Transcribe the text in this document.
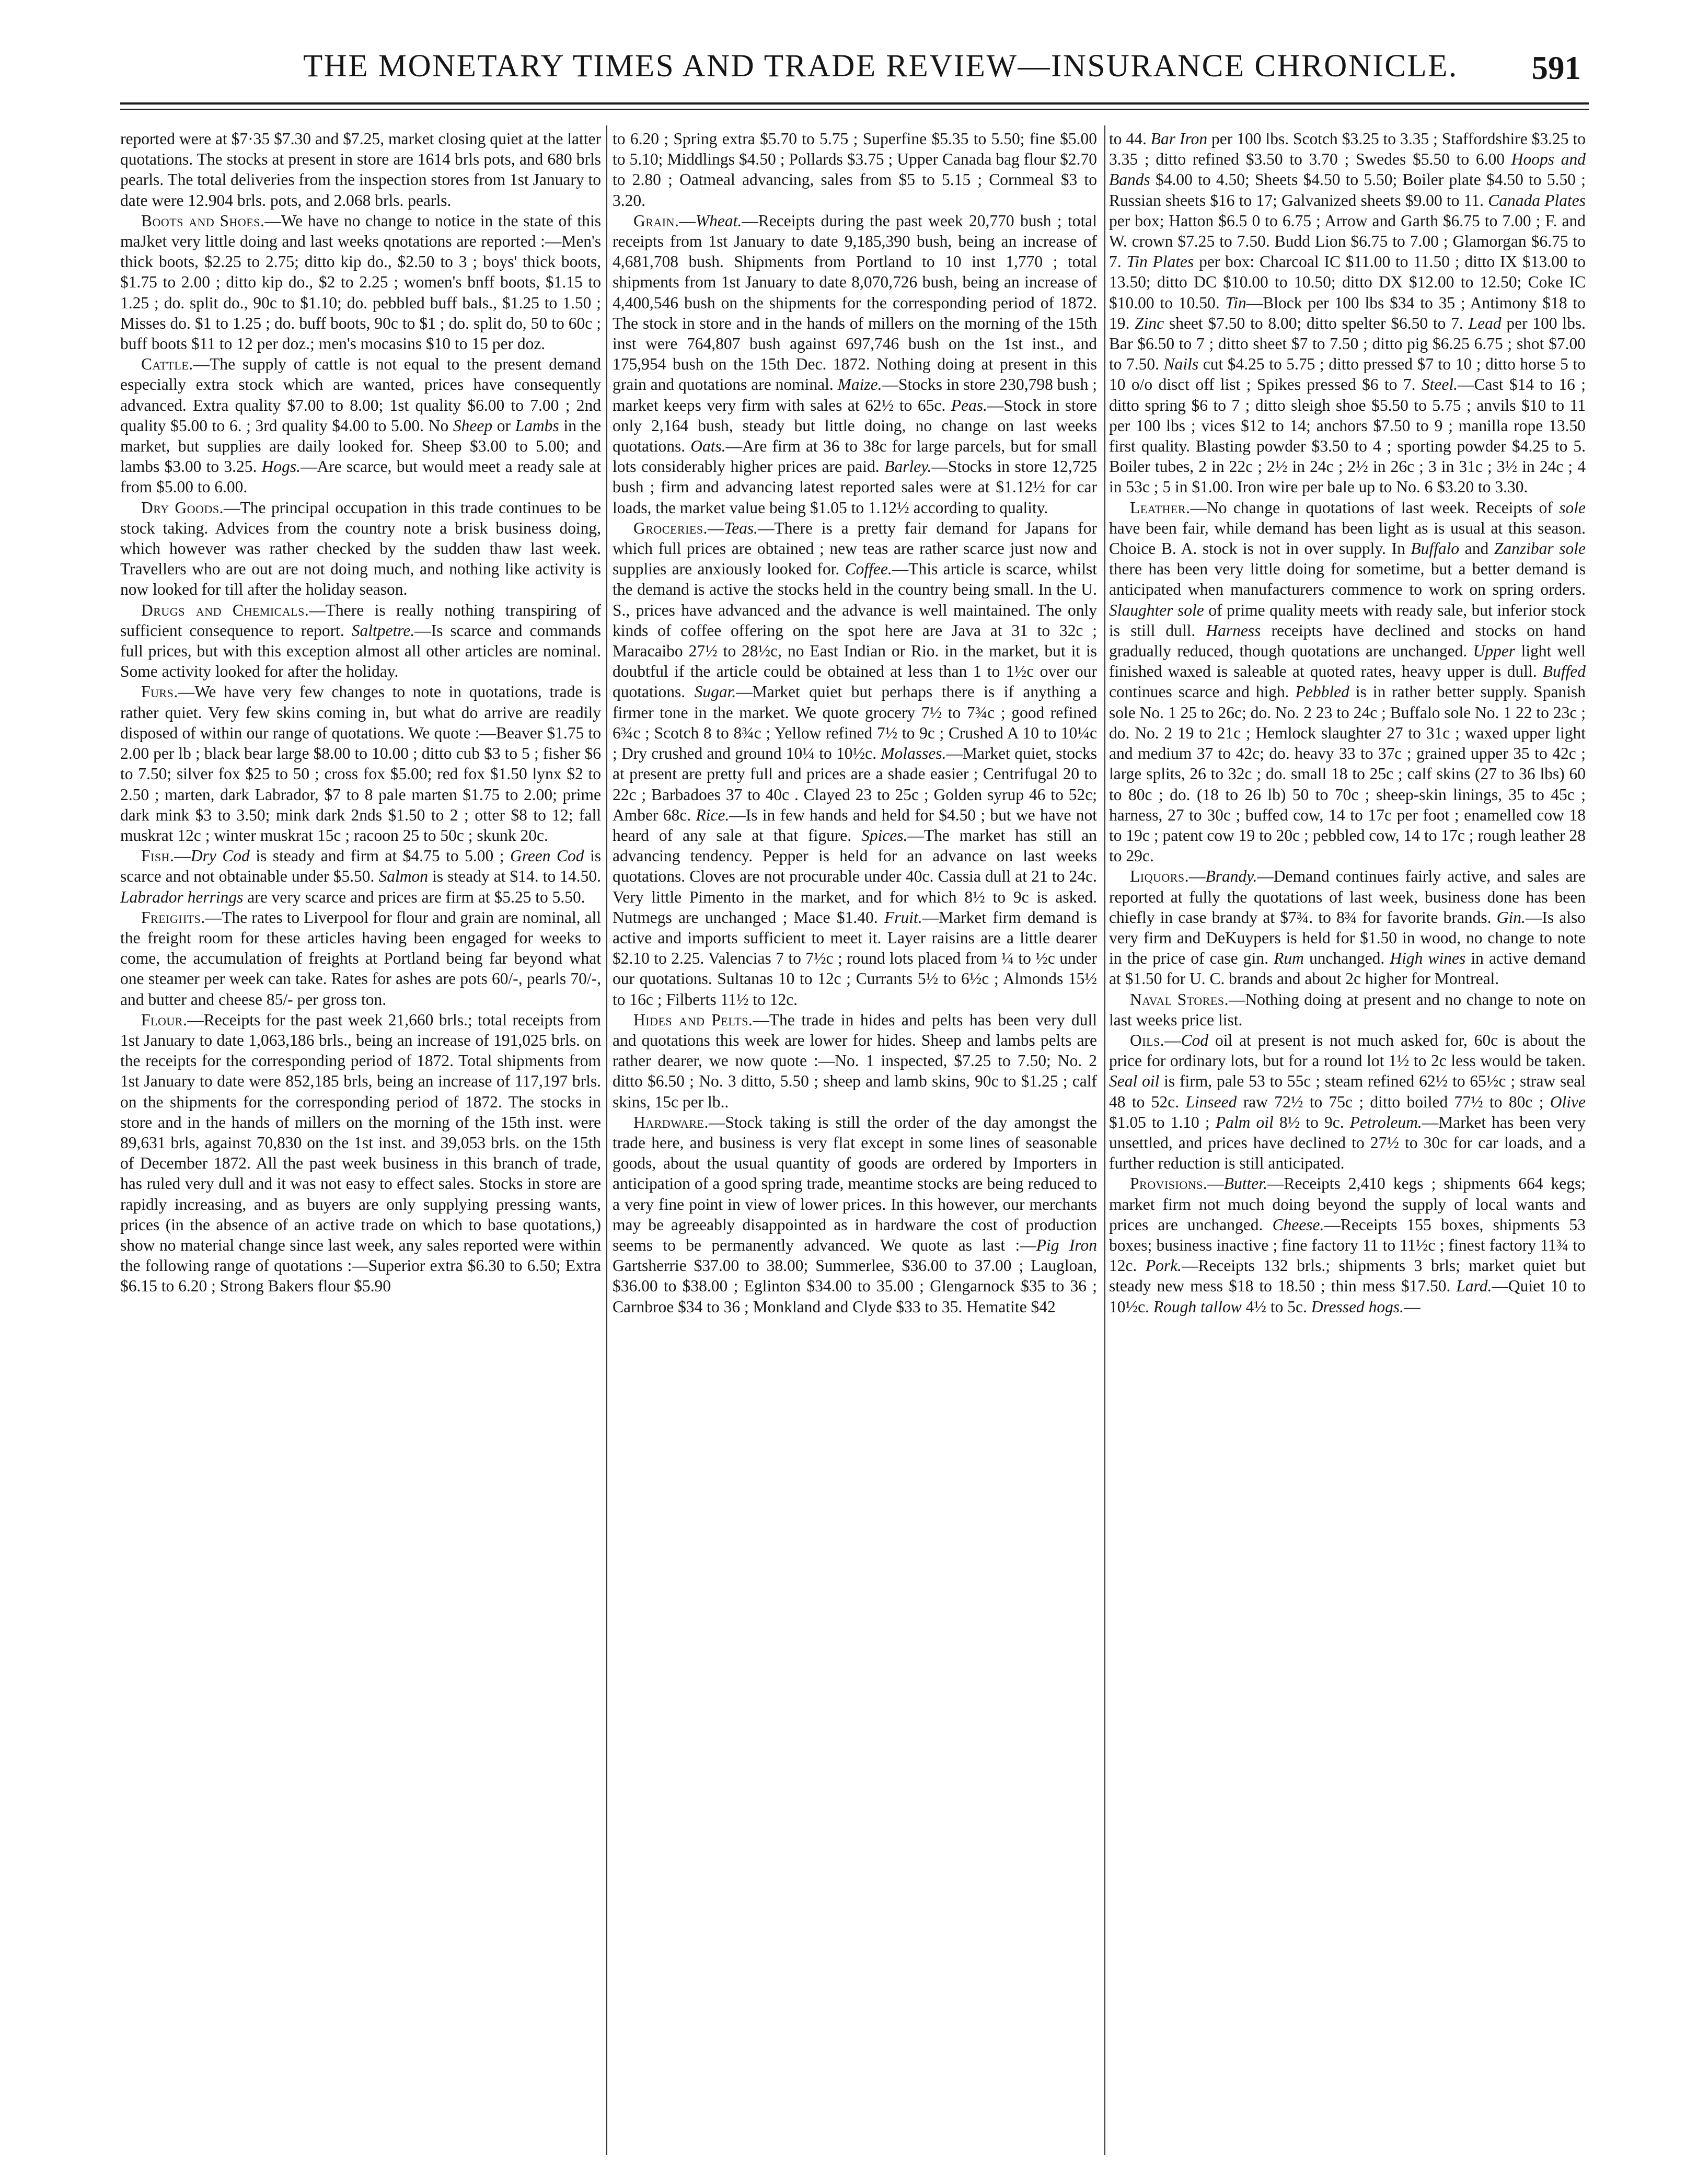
THE MONETARY TIMES AND TRADE REVIEW—INSURANCE CHRONICLE. 591

reported were at $7·35 $7.30 and $7.25, market closing quiet at the latter quotations. The stocks at present in store are 1614 brls pots, and 680 brls pearls. The total deliveries from the inspection stores from 1st January to date were 12.904 brls. pots, and 2.068 brls. pearls.

Boots and Shoes.—We have no change to notice in the state of this maJket very little doing and last weeks qnotations are reported :—Men's thick boots, $2.25 to 2.75; ditto kip do., $2.50 to 3 ; boys' thick boots, $1.75 to 2.00 ; ditto kip do., $2 to 2.25 ; women's bnff boots, $1.15 to 1.25 ; do. split do., 90c to $1.10; do. pebbled buff bals., $1.25 to 1.50 ; Misses do. $1 to 1.25 ; do. buff boots, 90c to $1 ; do. split do, 50 to 60c ; buff boots $11 to 12 per doz.; men's mocasins $10 to 15 per doz.

Cattle.—The supply of cattle is not equal to the present demand especially extra stock which are wanted, prices have consequently advanced. Extra quality $7.00 to 8.00; 1st quality $6.00 to 7.00 ; 2nd quality $5.00 to 6. ; 3rd quality $4.00 to 5.00. No Sheep or Lambs in the market, but supplies are daily looked for. Sheep $3.00 to 5.00; and lambs $3.00 to 3.25. Hogs.—Are scarce, but would meet a ready sale at from $5.00 to 6.00.

Dry Goods.—The principal occupation in this trade continues to be stock taking. Advices from the country note a brisk business doing, which however was rather checked by the sudden thaw last week. Travellers who are out are not doing much, and nothing like activity is now looked for till after the holiday season.

Drugs and Chemicals.—There is really nothing transpiring of sufficient consequence to report. Saltpetre.—Is scarce and commands full prices, but with this exception almost all other articles are nominal. Some activity looked for after the holiday.

Furs.—We have very few changes to note in quotations, trade is rather quiet. Very few skins coming in, but what do arrive are readily disposed of within our range of quotations. We quote :—Beaver $1.75 to 2.00 per lb ; black bear large $8.00 to 10.00 ; ditto cub $3 to 5 ; fisher $6 to 7.50; silver fox $25 to 50 ; cross fox $5.00; red fox $1.50 lynx $2 to 2.50 ; marten, dark Labrador, $7 to 8 pale marten $1.75 to 2.00; prime dark mink $3 to 3.50; mink dark 2nds $1.50 to 2 ; otter $8 to 12; fall muskrat 12c ; winter muskrat 15c ; racoon 25 to 50c ; skunk 20c.

Fish.—Dry Cod is steady and firm at $4.75 to 5.00 ; Green Cod is scarce and not obtainable under $5.50. Salmon is steady at $14. to 14.50. Labrador herrings are very scarce and prices are firm at $5.25 to 5.50.

Freights.—The rates to Liverpool for flour and grain are nominal, all the freight room for these articles having been engaged for weeks to come, the accumulation of freights at Portland being far beyond what one steamer per week can take. Rates for ashes are pots 60/-, pearls 70/-, and butter and cheese 85/- per gross ton.

Flour.—Receipts for the past week 21,660 brls.; total receipts from 1st January to date 1,063,186 brls., being an increase of 191,025 brls. on the receipts for the corresponding period of 1872. Total shipments from 1st January to date were 852,185 brls, being an increase of 117,197 brls. on the shipments for the corresponding period of 1872. The stocks in store and in the hands of millers on the morning of the 15th inst. were 89,631 brls, against 70,830 on the 1st inst. and 39,053 brls. on the 15th of December 1872. All the past week business in this branch of trade, has ruled very dull and it was not easy to effect sales. Stocks in store are rapidly increasing, and as buyers are only supplying pressing wants, prices (in the absence of an active trade on which to base quotations,) show no material change since last week, any sales reported were within the following range of quotations :—Superior extra $6.30 to 6.50; Extra $6.15 to 6.20 ; Strong Bakers flour $5.90

to 6.20 ; Spring extra $5.70 to 5.75 ; Superfine $5.35 to 5.50; fine $5.00 to 5.10; Middlings $4.50 ; Pollards $3.75 ; Upper Canada bag flour $2.70 to 2.80 ; Oatmeal advancing, sales from $5 to 5.15 ; Cornmeal $3 to 3.20.

Grain.—Wheat.—Receipts during the past week 20,770 bush ; total receipts from 1st January to date 9,185,390 bush, being an increase of 4,681,708 bush. Shipments from Portland to 10 inst 1,770 ; total shipments from 1st January to date 8,070,726 bush, being an increase of 4,400,546 bush on the shipments for the corresponding period of 1872. The stock in store and in the hands of millers on the morning of the 15th inst were 764,807 bush against 697,746 bush on the 1st inst., and 175,954 bush on the 15th Dec. 1872. Nothing doing at present in this grain and quotations are nominal. Maize.—Stocks in store 230,798 bush ; market keeps very firm with sales at 62½ to 65c. Peas.—Stock in store only 2,164 bush, steady but little doing, no change on last weeks quotations. Oats.—Are firm at 36 to 38c for large parcels, but for small lots considerably higher prices are paid. Barley.—Stocks in store 12,725 bush ; firm and advancing latest reported sales were at $1.12½ for car loads, the market value being $1.05 to 1.12½ according to quality.

Groceries.—Teas.—There is a pretty fair demand for Japans for which full prices are obtained ; new teas are rather scarce just now and supplies are anxiously looked for. Coffee.—This article is scarce, whilst the demand is active the stocks held in the country being small. In the U. S., prices have advanced and the advance is well maintained. The only kinds of coffee offering on the spot here are Java at 31 to 32c ; Maracaibo 27½ to 28½c, no East Indian or Rio. in the market, but it is doubtful if the article could be obtained at less than 1 to 1½c over our quotations. Sugar.—Market quiet but perhaps there is if anything a firmer tone in the market. We quote grocery 7½ to 7¾c ; good refined 6¾c ; Scotch 8 to 8¾c ; Yellow refined 7½ to 9c ; Crushed A 10 to 10¼c ; Dry crushed and ground 10¼ to 10½c. Molasses.—Market quiet, stocks at present are pretty full and prices are a shade easier ; Centrifugal 20 to 22c ; Barbadoes 37 to 40c . Clayed 23 to 25c ; Golden syrup 46 to 52c; Amber 68c. Rice.—Is in few hands and held for $4.50 ; but we have not heard of any sale at that figure. Spices.—The market has still an advancing tendency. Pepper is held for an advance on last weeks quotations. Cloves are not procurable under 40c. Cassia dull at 21 to 24c. Very little Pimento in the market, and for which 8½ to 9c is asked. Nutmegs are unchanged ; Mace $1.40. Fruit.—Market firm demand is active and imports sufficient to meet it. Layer raisins are a little dearer $2.10 to 2.25. Valencias 7 to 7½c ; round lots placed from ¼ to ½c under our quotations. Sultanas 10 to 12c ; Currants 5½ to 6½c ; Almonds 15½ to 16c ; Filberts 11½ to 12c.

Hides and Pelts.—The trade in hides and pelts has been very dull and quotations this week are lower for hides. Sheep and lambs pelts are rather dearer, we now quote :—No. 1 inspected, $7.25 to 7.50; No. 2 ditto $6.50 ; No. 3 ditto, 5.50 ; sheep and lamb skins, 90c to $1.25 ; calf skins, 15c per lb..

Hardware.—Stock taking is still the order of the day amongst the trade here, and business is very flat except in some lines of seasonable goods, about the usual quantity of goods are ordered by Importers in anticipation of a good spring trade, meantime stocks are being reduced to a very fine point in view of lower prices. In this however, our merchants may be agreeably disappointed as in hardware the cost of production seems to be permanently advanced. We quote as last :—Pig Iron Gartsherrie $37.00 to 38.00; Summerlee, $36.00 to 37.00 ; Laugloan, $36.00 to $38.00 ; Eglinton $34.00 to 35.00 ; Glengarnock $35 to 36 ; Carnbroe $34 to 36 ; Monkland and Clyde $33 to 35. Hematite $42

to 44. Bar Iron per 100 lbs. Scotch $3.25 to 3.35 ; Staffordshire $3.25 to 3.35 ; ditto refined $3.50 to 3.70 ; Swedes $5.50 to 6.00 Hoops and Bands $4.00 to 4.50; Sheets $4.50 to 5.50; Boiler plate $4.50 to 5.50 ; Russian sheets $16 to 17; Galvanized sheets $9.00 to 11. Canada Plates per box; Hatton $6.5 0 to 6.75 ; Arrow and Garth $6.75 to 7.00 ; F. and W. crown $7.25 to 7.50. Budd Lion $6.75 to 7.00 ; Glamorgan $6.75 to 7. Tin Plates per box: Charcoal IC $11.00 to 11.50 ; ditto IX $13.00 to 13.50; ditto DC $10.00 to 10.50; ditto DX $12.00 to 12.50; Coke IC $10.00 to 10.50. Tin—Block per 100 lbs $34 to 35 ; Antimony $18 to 19. Zinc sheet $7.50 to 8.00; ditto spelter $6.50 to 7. Lead per 100 lbs. Bar $6.50 to 7 ; ditto sheet $7 to 7.50 ; ditto pig $6.25 6.75 ; shot $7.00 to 7.50. Nails cut $4.25 to 5.75 ; ditto pressed $7 to 10 ; ditto horse 5 to 10 o/o disct off list ; Spikes pressed $6 to 7. Steel.—Cast $14 to 16 ; ditto spring $6 to 7 ; ditto sleigh shoe $5.50 to 5.75 ; anvils $10 to 11 per 100 lbs ; vices $12 to 14; anchors $7.50 to 9 ; manilla rope 13.50 first quality. Blasting powder $3.50 to 4 ; sporting powder $4.25 to 5. Boiler tubes, 2 in 22c ; 2½ in 24c ; 2½ in 26c ; 3 in 31c ; 3½ in 24c ; 4 in 53c ; 5 in $1.00. Iron wire per bale up to No. 6 $3.20 to 3.30.

Leather.—No change in quotations of last week. Receipts of sole have been fair, while demand has been light as is usual at this season. Choice B. A. stock is not in over supply. In Buffalo and Zanzibar sole there has been very little doing for sometime, but a better demand is anticipated when manufacturers commence to work on spring orders. Slaughter sole of prime quality meets with ready sale, but inferior stock is still dull. Harness receipts have declined and stocks on hand gradually reduced, though quotations are unchanged. Upper light well finished waxed is saleable at quoted rates, heavy upper is dull. Buffed continues scarce and high. Pebbled is in rather better supply. Spanish sole No. 1 25 to 26c; do. No. 2 23 to 24c ; Buffalo sole No. 1 22 to 23c ; do. No. 2 19 to 21c ; Hemlock slaughter 27 to 31c ; waxed upper light and medium 37 to 42c; do. heavy 33 to 37c ; grained upper 35 to 42c ; large splits, 26 to 32c ; do. small 18 to 25c ; calf skins (27 to 36 lbs) 60 to 80c ; do. (18 to 26 lb) 50 to 70c ; sheep-skin linings, 35 to 45c ; harness, 27 to 30c ; buffed cow, 14 to 17c per foot ; enamelled cow 18 to 19c ; patent cow 19 to 20c ; pebbled cow, 14 to 17c ; rough leather 28 to 29c.

Liquors.—Brandy.—Demand continues fairly active, and sales are reported at fully the quotations of last week, business done has been chiefly in case brandy at $7¾. to 8¾ for favorite brands. Gin.—Is also very firm and DeKuypers is held for $1.50 in wood, no change to note in the price of case gin. Rum unchanged. High wines in active demand at $1.50 for U. C. brands and about 2c higher for Montreal.

Naval Stores.—Nothing doing at present and no change to note on last weeks price list.

Oils.—Cod oil at present is not much asked for, 60c is about the price for ordinary lots, but for a round lot 1½ to 2c less would be taken. Seal oil is firm, pale 53 to 55c ; steam refined 62½ to 65½c ; straw seal 48 to 52c. Linseed raw 72½ to 75c ; ditto boiled 77½ to 80c ; Olive $1.05 to 1.10 ; Palm oil 8½ to 9c. Petroleum.—Market has been very unsettled, and prices have declined to 27½ to 30c for car loads, and a further reduction is still anticipated.

Provisions.—Butter.—Receipts 2,410 kegs ; shipments 664 kegs; market firm not much doing beyond the supply of local wants and prices are unchanged. Cheese.—Receipts 155 boxes, shipments 53 boxes; business inactive ; fine factory 11 to 11½c ; finest factory 11¾ to 12c. Pork.—Receipts 132 brls.; shipments 3 brls; market quiet but steady new mess $18 to 18.50 ; thin mess $17.50. Lard.—Quiet 10 to 10½c. Rough tallow 4½ to 5c. Dressed hogs.—
